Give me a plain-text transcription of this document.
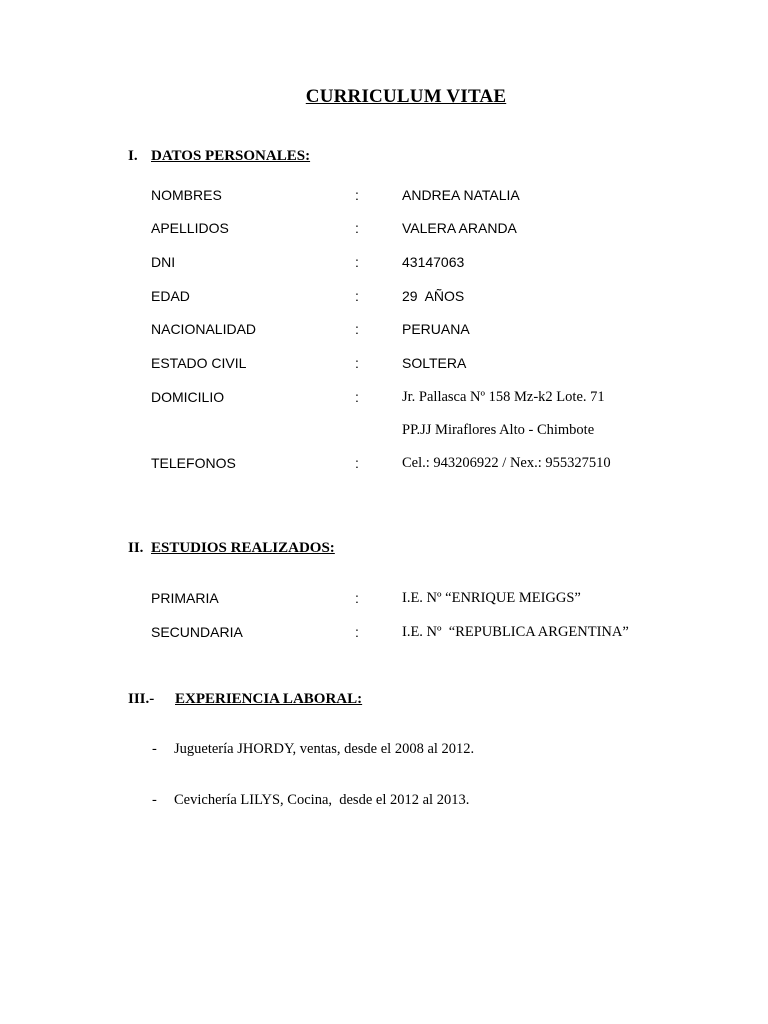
CURRICULUM VITAE
I. DATOS PERSONALES:
NOMBRES	:	ANDREA NATALIA
APELLIDOS	:	VALERA ARANDA
DNI	:	43147063
EDAD	:	29  AÑOS
NACIONALIDAD	:	PERUANA
ESTADO CIVIL	:	SOLTERA
DOMICILIO	:	Jr. Pallasca Nº 158 Mz-k2 Lote. 71
PP.JJ Miraflores Alto - Chimbote
TELEFONOS	:	Cel.: 943206922 / Nex.: 955327510
II. ESTUDIOS REALIZADOS:
PRIMARIA	:	I.E. Nº “ENRIQUE MEIGGS”
SECUNDARIA	:	I.E. Nº  “REPUBLICA ARGENTINA”
III.- EXPERIENCIA LABORAL:
- Juguetería JHORDY, ventas, desde el 2008 al 2012.
- Cevichería LILYS, Cocina,  desde el 2012 al 2013.
